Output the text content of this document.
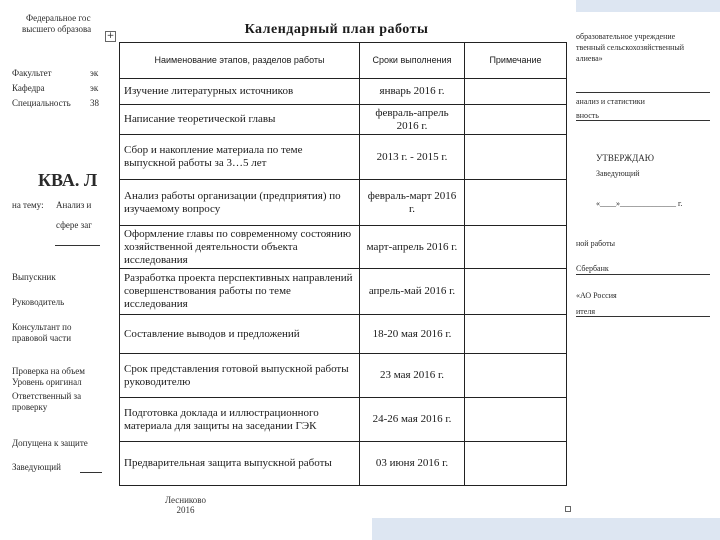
Федеральное гос
высшего образова
Факультет	эк
Кафедра	эк
Специальность 38
КВА. Л
на тему: Анализ и
сфере заг
Выпускник
Руководитель
Консультант по
правовой части
Проверка на объем
Уровень оригинал
Ответственный за
проверку
Допущена к защите
Заведующий
образовательное учреждение
твенный сельскохозяйственный
алиева»
анализ и статистики
вность
УТВЕРЖДАЮ
Заведующий
«____»______________ г.
ной работы
Сбербанк
«АО Россия
ителя
Календарный план работы
+
Наименование этапов, разделов работы	Сроки выполнения	Примечание
Изучение литературных источников	январь 2016 г.	
Написание теоретической главы	февраль-апрель 2016 г.	
Сбор и накопление материала по теме выпускной работы за 3…5 лет	2013 г. - 2015 г.	
Анализ работы организации (предприятия) по изучаемому вопросу	февраль-март 2016 г.	
Оформление главы по современному состоянию хозяйственной деятельности объекта исследования	март-апрель 2016 г.	
Разработка проекта перспективных направлений совершенствования работы по теме исследования	апрель-май 2016 г.	
Составление выводов и предложений	18-20 мая 2016 г.	
Срок представления готовой выпускной работы руководителю	23 мая 2016 г.	
Подготовка доклада и иллюстрационного материала для защиты на заседании ГЭК	24-26 мая 2016 г.	
Предварительная защита выпускной работы	03 июня 2016 г.	
Лесниково
2016
